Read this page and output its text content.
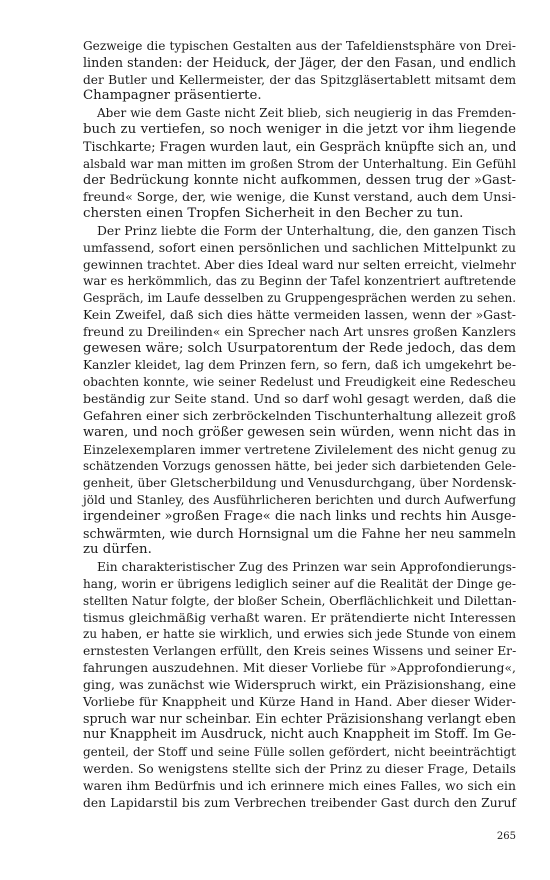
Gezweige die typischen Gestalten aus der Tafeldienstsphäre von Drei-
linden standen: der Heiduck, der Jäger, der den Fasan, und endlich
der Butler und Kellermeister, der das Spitzgläsertablett mitsamt dem
Champagner präsentierte.
Aber wie dem Gaste nicht Zeit blieb, sich neugierig in das Fremden-
buch zu vertiefen, so noch weniger in die jetzt vor ihm liegende
Tischkarte; Fragen wurden laut, ein Gespräch knüpfte sich an, und
alsbald war man mitten im großen Strom der Unterhaltung. Ein Gefühl
der Bedrückung konnte nicht aufkommen, dessen trug der »Gast-
freund« Sorge, der, wie wenige, die Kunst verstand, auch dem Unsi-
chersten einen Tropfen Sicherheit in den Becher zu tun.
Der Prinz liebte die Form der Unterhaltung, die, den ganzen Tisch
umfassend, sofort einen persönlichen und sachlichen Mittelpunkt zu
gewinnen trachtet. Aber dies Ideal ward nur selten erreicht, vielmehr
war es herkömmlich, das zu Beginn der Tafel konzentriert auftretende
Gespräch, im Laufe desselben zu Gruppengesprächen werden zu sehen.
Kein Zweifel, daß sich dies hätte vermeiden lassen, wenn der »Gast-
freund zu Dreilinden« ein Sprecher nach Art unsres großen Kanzlers
gewesen wäre; solch Usurpatorentum der Rede jedoch, das dem
Kanzler kleidet, lag dem Prinzen fern, so fern, daß ich umgekehrt be-
obachten konnte, wie seiner Redelust und Freudigkeit eine Redescheu
beständig zur Seite stand. Und so darf wohl gesagt werden, daß die
Gefahren einer sich zerbröckelnden Tischunterhaltung allezeit groß
waren, und noch größer gewesen sein würden, wenn nicht das in
Einzelexemplaren immer vertretene Zivilelement des nicht genug zu
schätzenden Vorzugs genossen hätte, bei jeder sich darbietenden Gele-
genheit, über Gletscherbildung und Venusdurchgang, über Nordensk-
jöld und Stanley, des Ausführlicheren berichten und durch Aufwerfung
irgendeiner »großen Frage« die nach links und rechts hin Ausge-
schwärmten, wie durch Hornsignal um die Fahne her neu sammeln
zu dürfen.
Ein charakteristischer Zug des Prinzen war sein Approfondierungs-
hang, worin er übrigens lediglich seiner auf die Realität der Dinge ge-
stellten Natur folgte, der bloßer Schein, Oberflächlichkeit und Dilettan-
tismus gleichmäßig verhaßt waren. Er prätendierte nicht Interessen
zu haben, er hatte sie wirklich, und erwies sich jede Stunde von einem
ernstesten Verlangen erfüllt, den Kreis seines Wissens und seiner Er-
fahrungen auszudehnen. Mit dieser Vorliebe für »Approfondierung«,
ging, was zunächst wie Widerspruch wirkt, ein Präzisionshang, eine
Vorliebe für Knappheit und Kürze Hand in Hand. Aber dieser Wider-
spruch war nur scheinbar. Ein echter Präzisionshang verlangt eben
nur Knappheit im Ausdruck, nicht auch Knappheit im Stoff. Im Ge-
genteil, der Stoff und seine Fülle sollen gefördert, nicht beeinträchtigt
werden. So wenigstens stellte sich der Prinz zu dieser Frage, Details
waren ihm Bedürfnis und ich erinnere mich eines Falles, wo sich ein
den Lapidarstil bis zum Verbrechen treibender Gast durch den Zuruf
265
